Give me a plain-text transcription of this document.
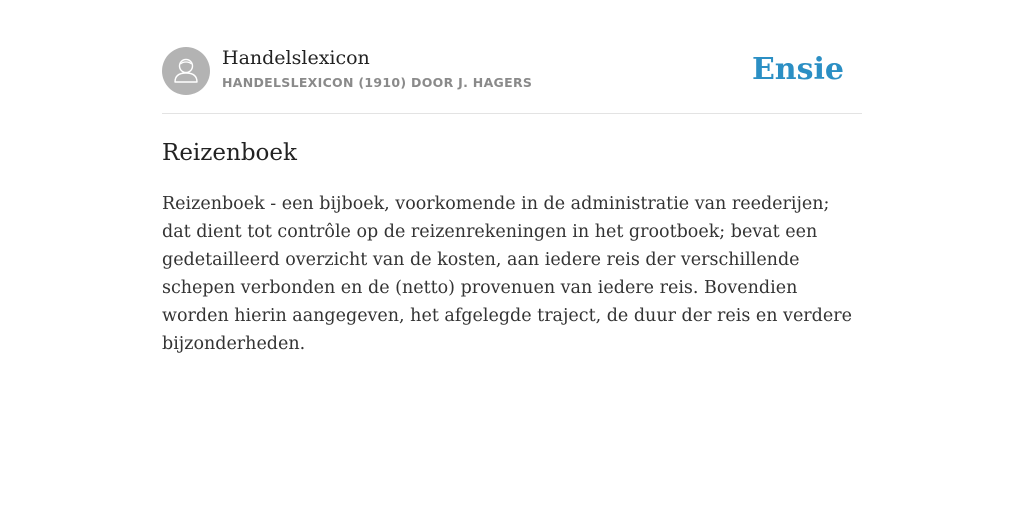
Handelslexicon
HANDELSLEXICON (1910) DOOR J. HAGERS	Ensie
Reizenboek

Reizenboek - een bijboek, voorkomende in de administratie van reederijen; dat dient tot contrôle op de reizenrekeningen in het grootboek; bevat een gedetailleerd overzicht van de kosten, aan iedere reis der verschillende schepen verbonden en de (netto) provenuen van iedere reis. Bovendien worden hierin aangegeven, het afgelegde traject, de duur der reis en verdere bijzonderheden.
